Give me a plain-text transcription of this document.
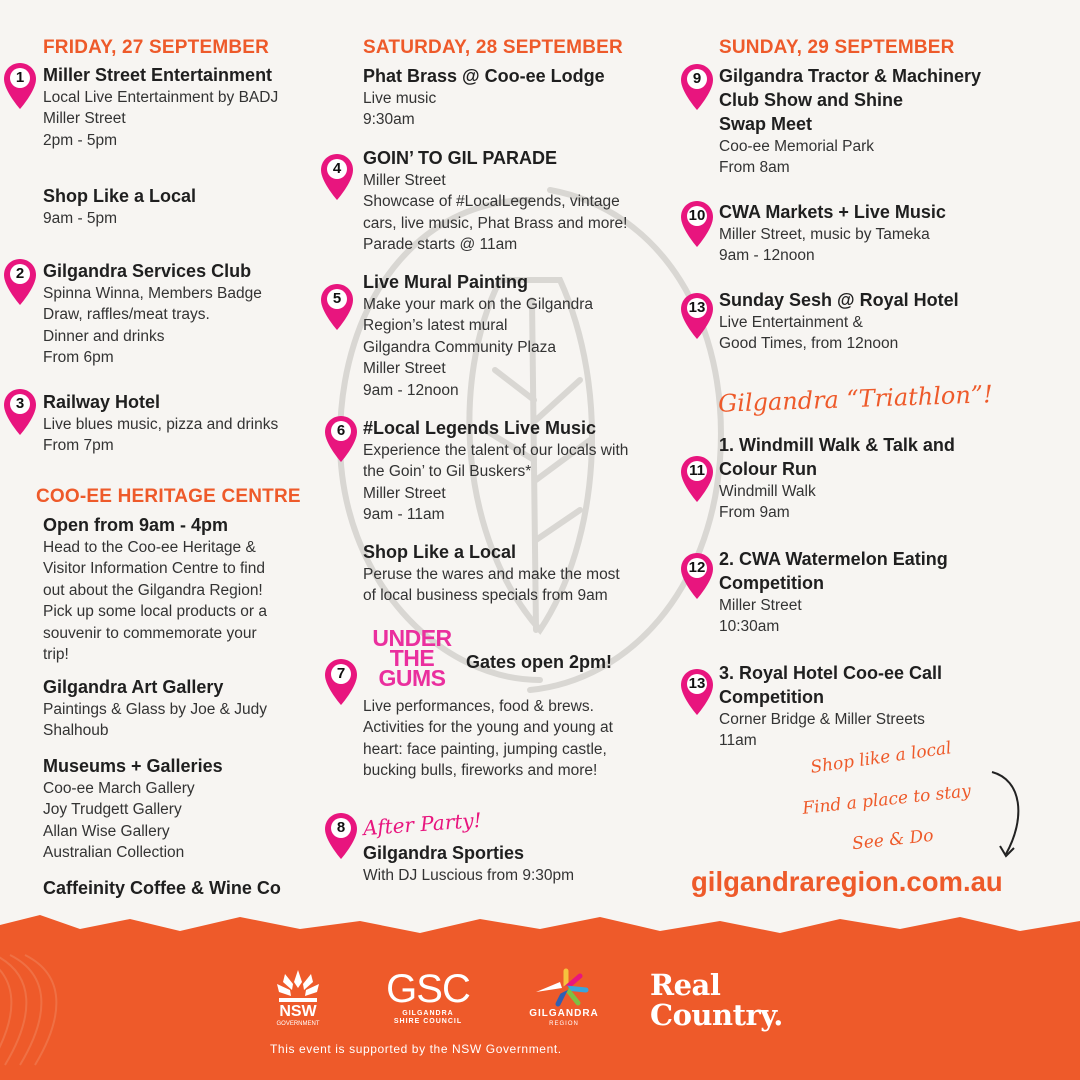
FRIDAY, 27 SEPTEMBER
1	Miller Street Entertainment
Local Live Entertainment by BADJ
Miller Street
2pm - 5pm
Shop Like a Local
9am - 5pm
2	Gilgandra Services Club
Spinna Winna, Members Badge
Draw, raffles/meat trays.
Dinner and drinks
From 6pm
3	Railway Hotel
Live blues music, pizza and drinks
From 7pm
COO-EE HERITAGE CENTRE
Open from 9am - 4pm
Head to the Coo-ee Heritage &
Visitor Information Centre to find
out about the Gilgandra Region!
Pick up some local products or a
souvenir to commemorate your
trip!
Gilgandra Art Gallery
Paintings & Glass by Joe & Judy
Shalhoub
Museums + Galleries
Coo-ee March Gallery
Joy Trudgett Gallery
Allan Wise Gallery
Australian Collection
Caffeinity Coffee & Wine Co
SATURDAY, 28 SEPTEMBER
Phat Brass @ Coo-ee Lodge
Live music
9:30am
4
GOIN’ TO GIL PARADE
Miller Street
Showcase of #LocalLegends, vintage
cars, live music, Phat Brass and more!
Parade starts @ 11am
5
Live Mural Painting
Make your mark on the Gilgandra
Region’s latest mural
Gilgandra Community Plaza
Miller Street
9am - 12noon
6 #Local Legends Live Music
Experience the talent of our locals with
the Goin’ to Gil Buskers*
Miller Street
9am - 11am
Shop Like a Local
Peruse the wares and make the most
of local business specials from 9am
UNDER
THE
GUMS
7
Gates open 2pm!
Live performances, food & brews.
Activities for the young and young at
heart: face painting, jumping castle,
bucking bulls, fireworks and more!
8 After Party!
Gilgandra Sporties
With DJ Luscious from 9:30pm
SUNDAY, 29 SEPTEMBER
9 Gilgandra Tractor & Machinery
Club Show and Shine
Swap Meet
Coo-ee Memorial Park
From 8am
10 CWA Markets + Live Music
Miller Street, music by Tameka
9am - 12noon
13 Sunday Sesh @ Royal Hotel
Live Entertainment &
Good Times, from 12noon
Gilgandra “Triathlon”!
11
1. Windmill Walk & Talk and
Colour Run
Windmill Walk
From 9am
12 2. CWA Watermelon Eating
Competition
Miller Street
10:30am
13
3. Royal Hotel Coo-ee Call
Competition
Corner Bridge & Miller Streets
11am	Shop like a local
Find a place to stay
See & Do
gilgandraregion.com.au
NSW
GOVERNMENT
GSC
GILGANDRA
SHIRE COUNCIL
GILGANDRA
REGION
Real
Country.
This event is supported by the NSW Government.
